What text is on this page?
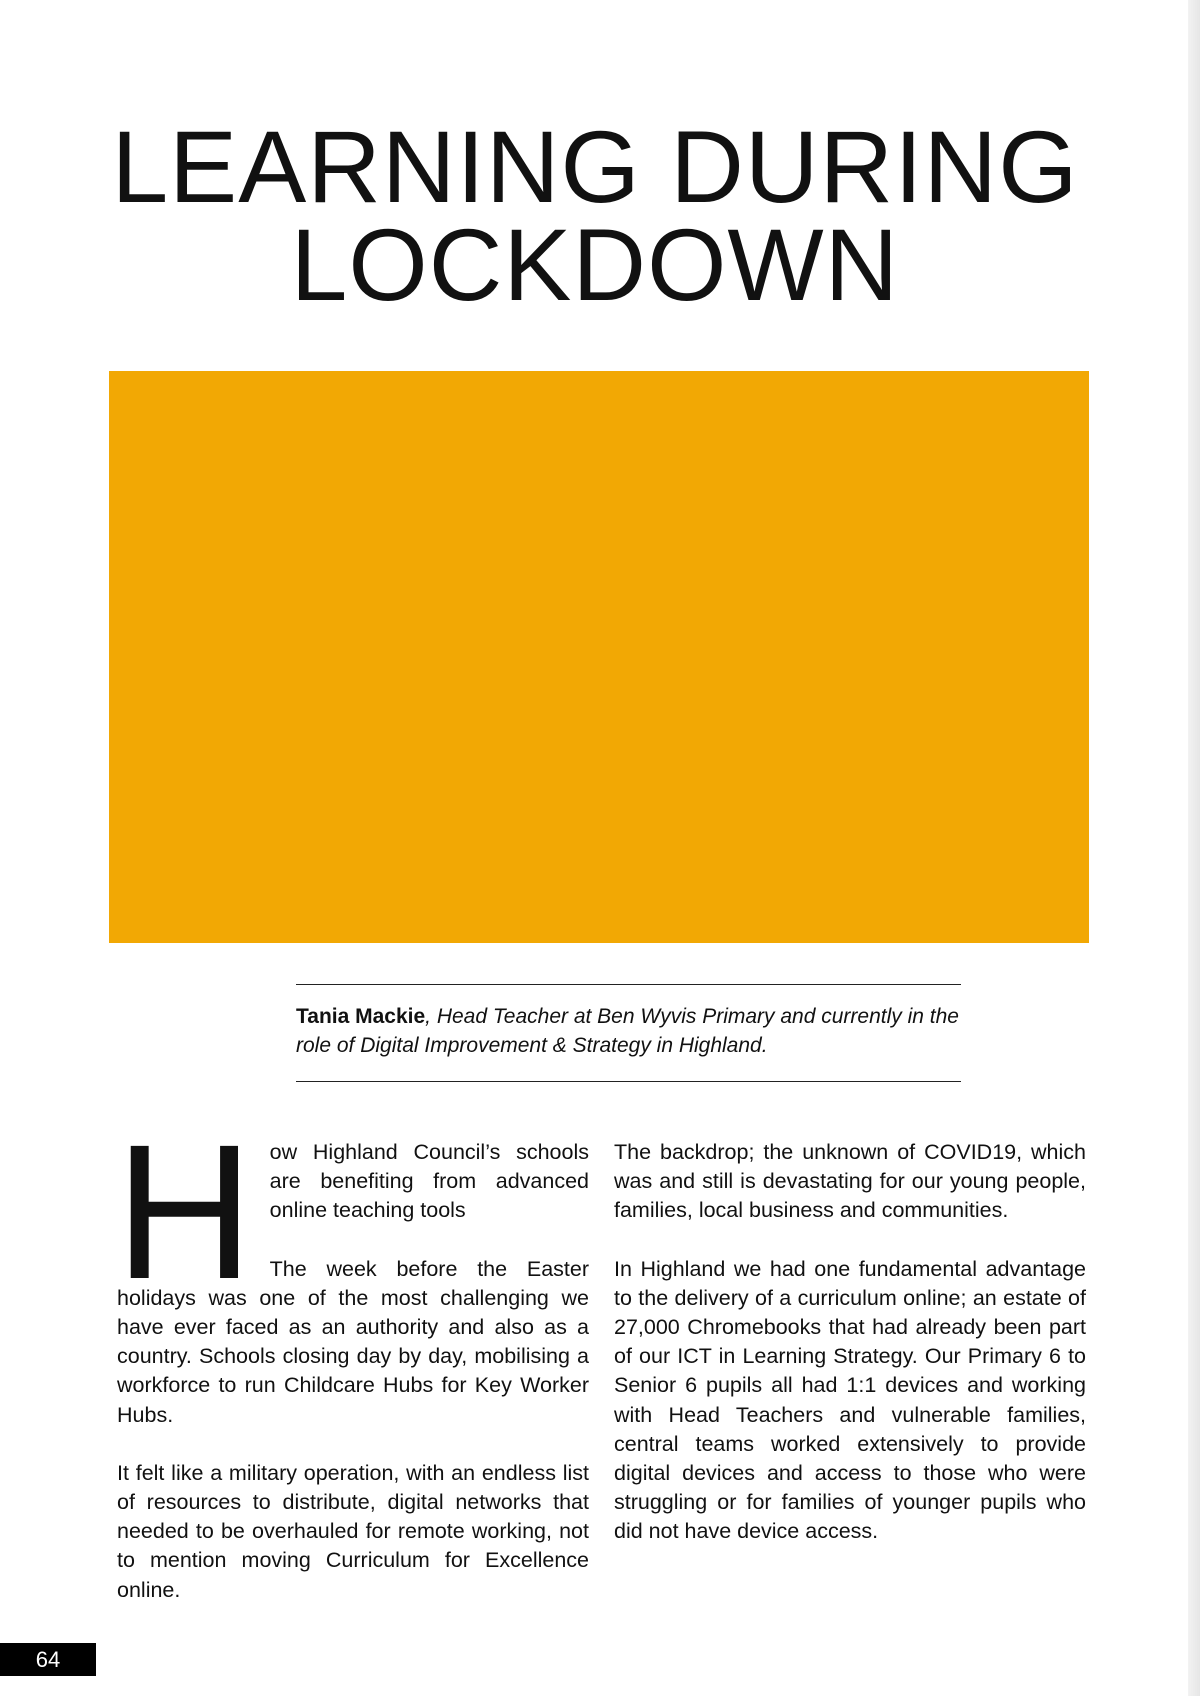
LEARNING DURING
LOCKDOWN
Tania Mackie, Head Teacher at Ben Wyvis Primary and currently in the role of Digital Improvement & Strategy in Highland.

How Highland Council’s schools are benefiting from advanced online teaching tools

The week before the Easter holidays was one of the most challenging we have ever faced as an authority and also as a country. Schools closing day by day, mobilising a workforce to run Childcare Hubs for Key Worker Hubs.

It felt like a military operation, with an endless list of resources to distribute, digital networks that needed to be overhauled for remote working, not to mention moving Curriculum for Excellence online.

The backdrop; the unknown of COVID19, which was and still is devastating for our young people, families, local business and communities.

In Highland we had one fundamental advantage to the delivery of a curriculum online; an estate of 27,000 Chromebooks that had already been part of our ICT in Learning Strategy. Our Primary 6 to Senior 6 pupils all had 1:1 devices and working with Head Teachers and vulnerable families, central teams worked extensively to provide digital devices and access to those who were struggling or for families of younger pupils who did not have device access.

64
